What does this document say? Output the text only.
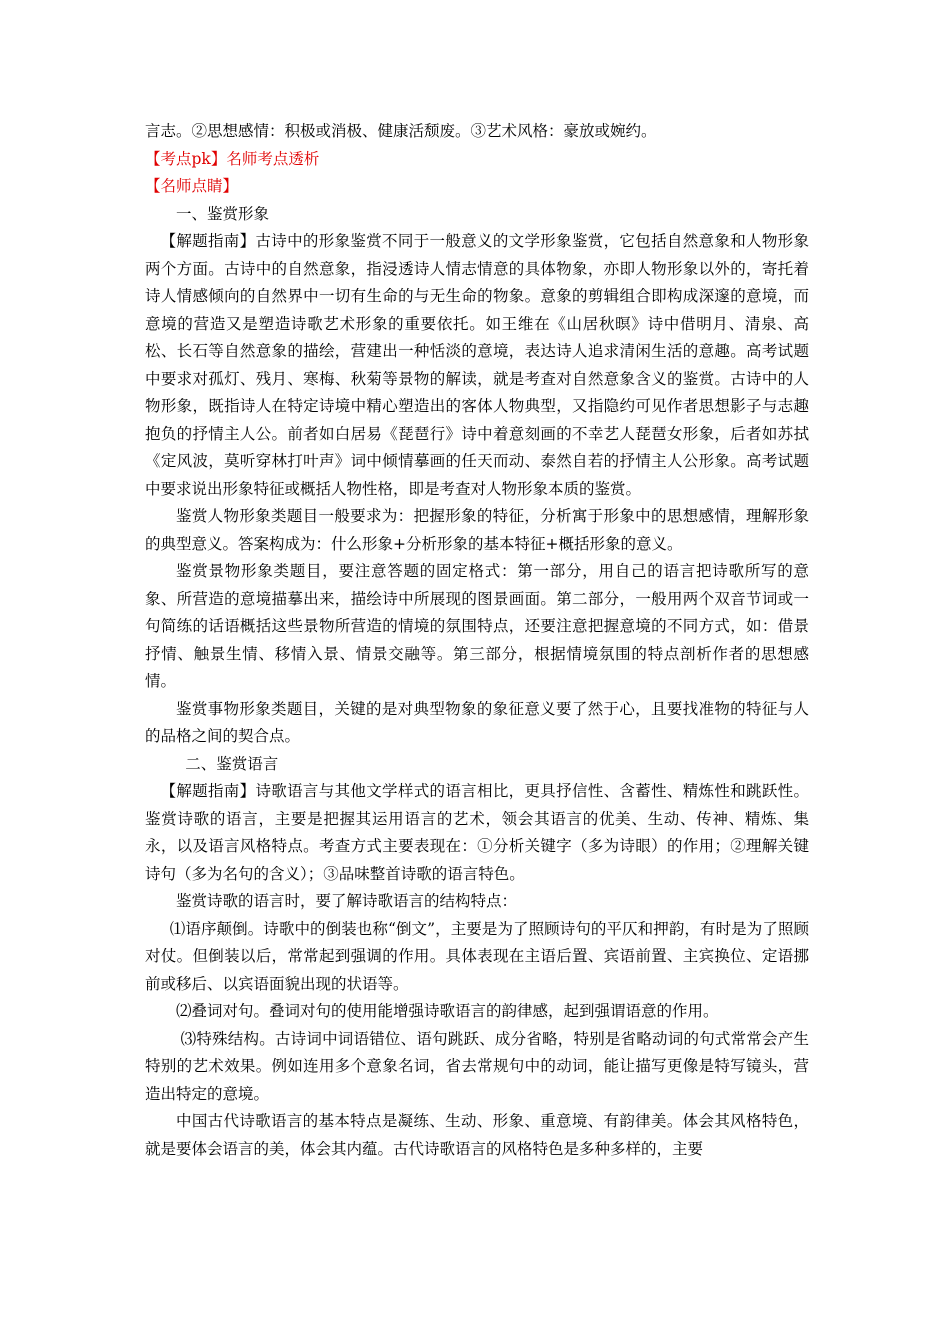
言志。②思想感情：积极或消极、健康活颓废。③艺术风格：豪放或婉约。

【考点pk】名师考点透析

【名师点睛】

一、鉴赏形象

【解题指南】古诗中的形象鉴赏不同于一般意义的文学形象鉴赏，它包括自然意象和人物形象两个方面。古诗中的自然意象，指浸透诗人情志情意的具体物象，亦即人物形象以外的，寄托着诗人情感倾向的自然界中一切有生命的与无生命的物象。意象的剪辑组合即构成深邃的意境，而意境的营造又是塑造诗歌艺术形象的重要依托。如王维在《山居秋暝》诗中借明月、清泉、高松、长石等自然意象的描绘，营建出一种恬淡的意境，表达诗人追求清闲生活的意趣。高考试题中要求对孤灯、残月、寒梅、秋菊等景物的解读，就是考查对自然意象含义的鉴赏。古诗中的人物形象，既指诗人在特定诗境中精心塑造出的客体人物典型，又指隐约可见作者思想影子与志趣抱负的抒情主人公。前者如白居易《琵琶行》诗中着意刻画的不幸艺人琵琶女形象，后者如苏拭《定风波，莫听穿林打叶声》词中倾情摹画的任天而动、泰然自若的抒情主人公形象。高考试题中要求说出形象特征或概括人物性格，即是考查对人物形象本质的鉴赏。

鉴赏人物形象类题目一般要求为：把握形象的特征，分析寓于形象中的思想感情，理解形象的典型意义。答案构成为：什么形象+分析形象的基本特征+概括形象的意义。

鉴赏景物形象类题目，要注意答题的固定格式：第一部分，用自己的语言把诗歌所写的意象、所营造的意境描摹出来，描绘诗中所展现的图景画面。第二部分，一般用两个双音节词或一句简练的话语概括这些景物所营造的情境的氛围特点，还要注意把握意境的不同方式，如：借景抒情、触景生情、移情入景、情景交融等。第三部分，根据情境氛围的特点剖析作者的思想感情。

鉴赏事物形象类题目，关键的是对典型物象的象征意义要了然于心，且要找准物的特征与人的品格之间的契合点。

二、鉴赏语言

【解题指南】诗歌语言与其他文学样式的语言相比，更具抒信性、含蓄性、精炼性和跳跃性。鉴赏诗歌的语言，主要是把握其运用语言的艺术，领会其语言的优美、生动、传神、精炼、集永，以及语言风格特点。考查方式主要表现在：①分析关键字（多为诗眼）的作用；②理解关键诗句（多为名句的含义）；③品味整首诗歌的语言特色。

鉴赏诗歌的语言时，要了解诗歌语言的结构特点：

⑴语序颠倒。诗歌中的倒装也称“倒文”，主要是为了照顾诗句的平仄和押韵，有时是为了照顾对仗。但倒装以后，常常起到强调的作用。具体表现在主语后置、宾语前置、主宾换位、定语挪前或移后、以宾语面貌出现的状语等。

⑵叠词对句。叠词对句的使用能增强诗歌语言的韵律感，起到强谓语意的作用。

⑶特殊结构。古诗词中词语错位、语句跳跃、成分省略，特别是省略动词的句式常常会产生特别的艺术效果。例如连用多个意象名词，省去常规句中的动词，能让描写更像是特写镜头，营造出特定的意境。

中国古代诗歌语言的基本特点是凝练、生动、形象、重意境、有韵律美。体会其风格特色，就是要体会语言的美，体会其内蕴。古代诗歌语言的风格特色是多种多样的，主要
